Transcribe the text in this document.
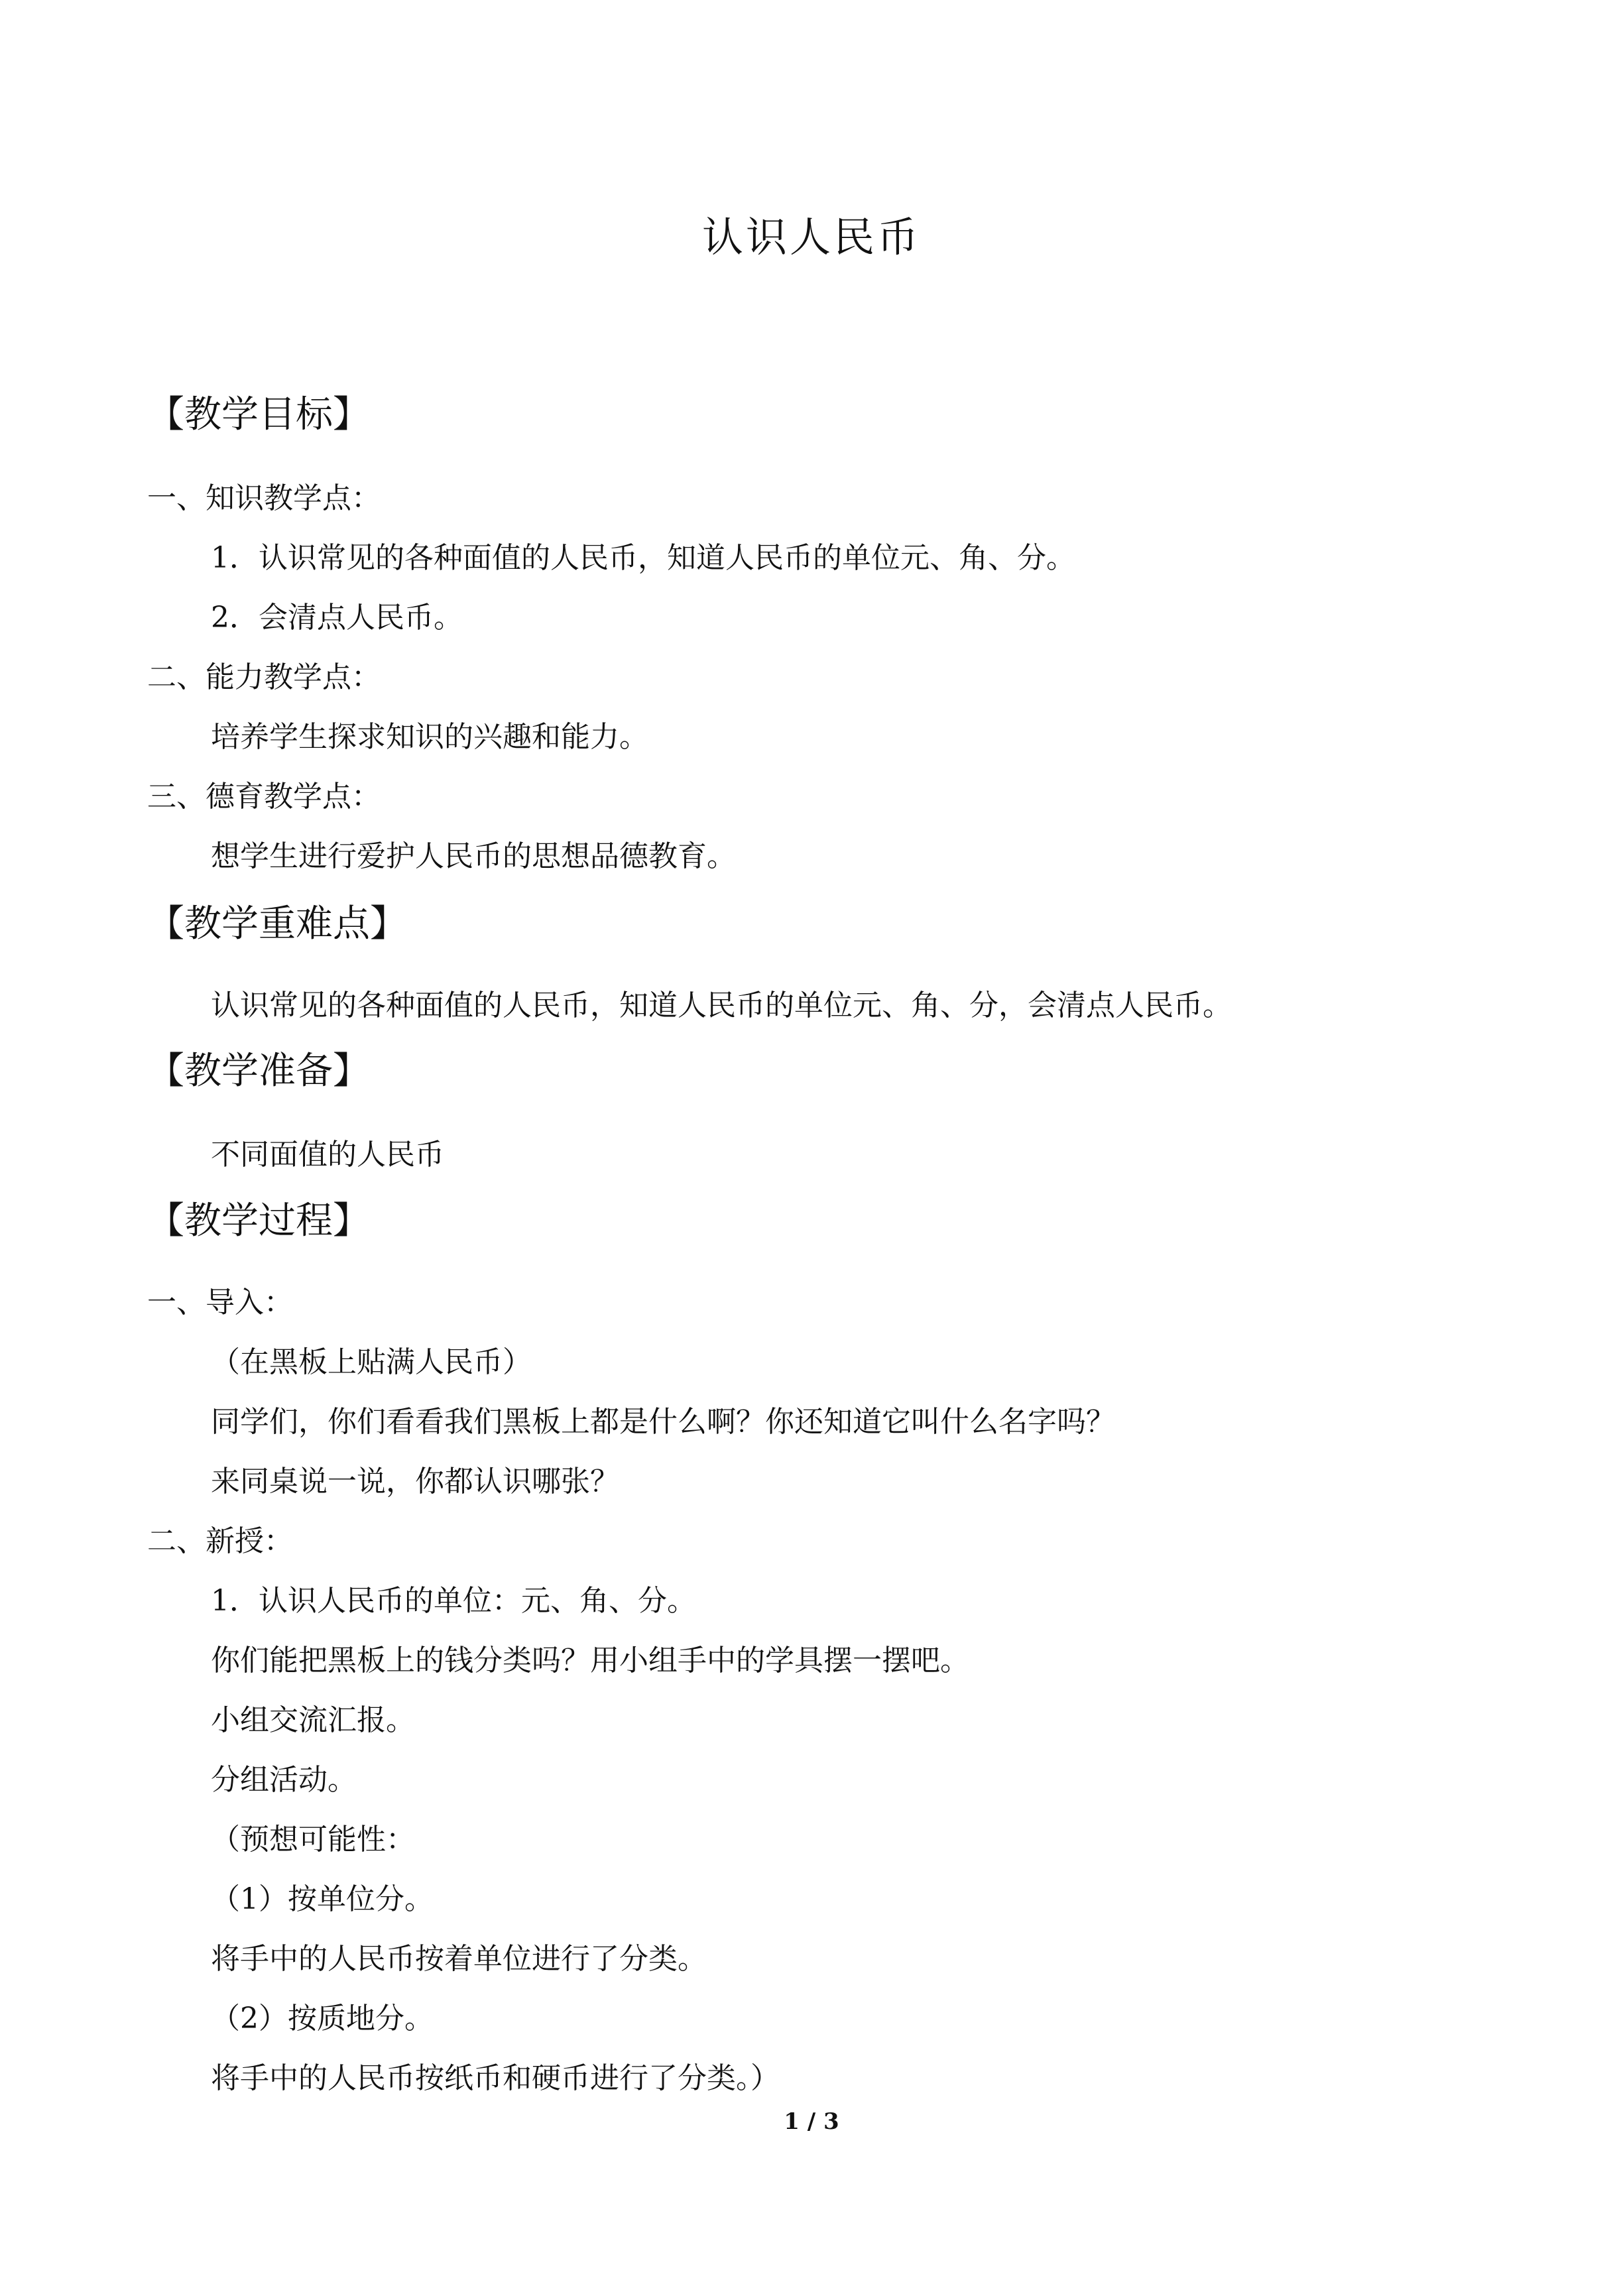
认识人民币
【教学目标】
一、知识教学点：
1．认识常见的各种面值的人民币，知道人民币的单位元、角、分。
2．会清点人民币。
二、能力教学点：
培养学生探求知识的兴趣和能力。
三、德育教学点：
想学生进行爱护人民币的思想品德教育。
【教学重难点】
认识常见的各种面值的人民币，知道人民币的单位元、角、分，会清点人民币。
【教学准备】
不同面值的人民币
【教学过程】
一、导入：
（在黑板上贴满人民币）
同学们，你们看看我们黑板上都是什么啊？你还知道它叫什么名字吗？
来同桌说一说，你都认识哪张？
二、新授：
1．认识人民币的单位：元、角、分。
你们能把黑板上的钱分类吗？用小组手中的学具摆一摆吧。
小组交流汇报。
分组活动。
（预想可能性：
（1）按单位分。
将手中的人民币按着单位进行了分类。
（2）按质地分。
将手中的人民币按纸币和硬币进行了分类。）
1 / 3
